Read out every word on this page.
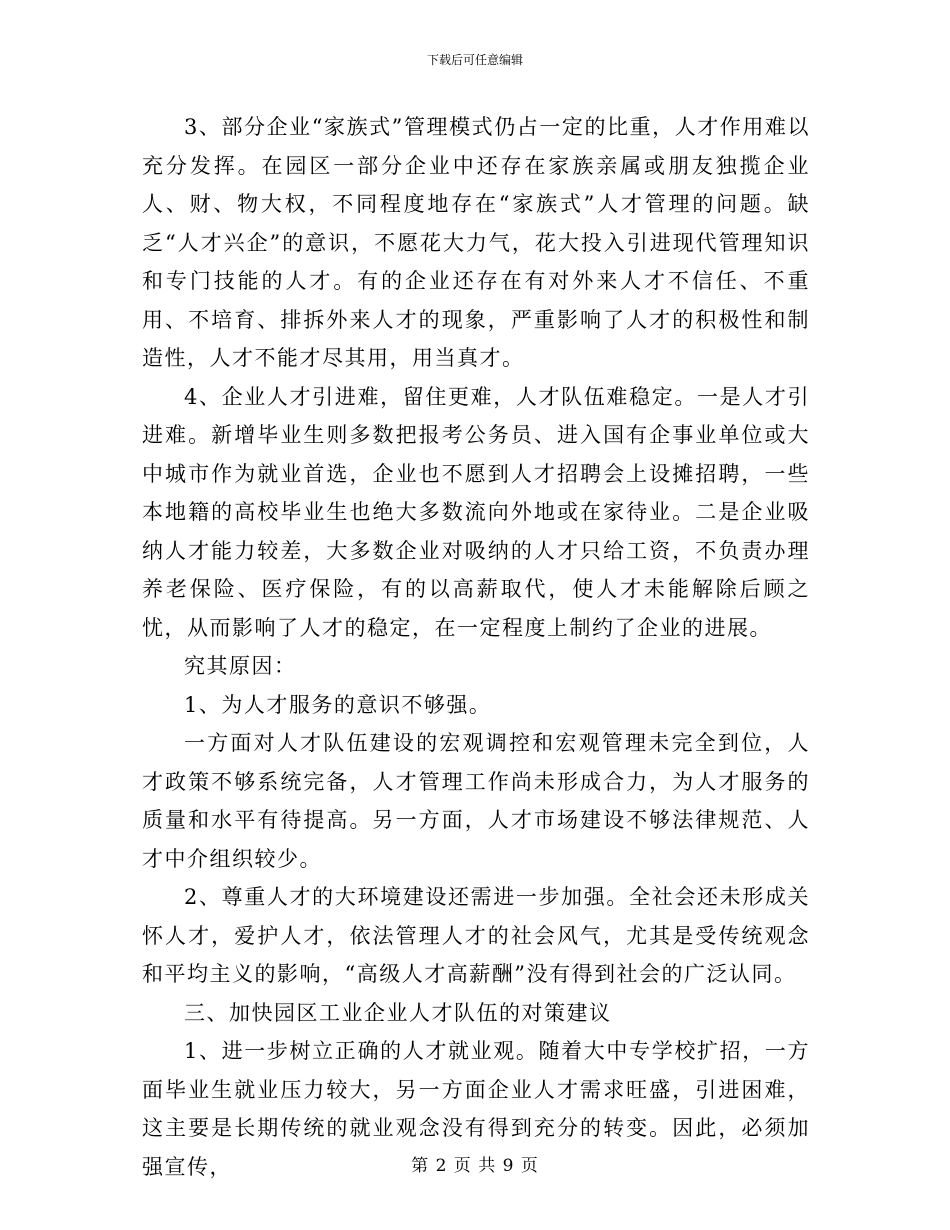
下载后可任意编辑

3、部分企业“家族式”管理模式仍占一定的比重，人才作用难以充分发挥。在园区一部分企业中还存在家族亲属或朋友独揽企业人、财、物大权，不同程度地存在“家族式”人才管理的问题。缺乏“人才兴企”的意识，不愿花大力气，花大投入引进现代管理知识和专门技能的人才。有的企业还存在有对外来人才不信任、不重用、不培育、排拆外来人才的现象，严重影响了人才的积极性和制造性，人才不能才尽其用，用当真才。

4、企业人才引进难，留住更难，人才队伍难稳定。一是人才引进难。新增毕业生则多数把报考公务员、进入国有企事业单位或大中城市作为就业首选，企业也不愿到人才招聘会上设摊招聘，一些本地籍的高校毕业生也绝大多数流向外地或在家待业。二是企业吸纳人才能力较差，大多数企业对吸纳的人才只给工资，不负责办理养老保险、医疗保险，有的以高薪取代，使人才未能解除后顾之忧，从而影响了人才的稳定，在一定程度上制约了企业的进展。

究其原因：

1、为人才服务的意识不够强。

一方面对人才队伍建设的宏观调控和宏观管理未完全到位，人才政策不够系统完备，人才管理工作尚未形成合力，为人才服务的质量和水平有待提高。另一方面，人才市场建设不够法律规范、人才中介组织较少。

2、尊重人才的大环境建设还需进一步加强。全社会还未形成关怀人才，爱护人才，依法管理人才的社会风气，尤其是受传统观念和平均主义的影响，“高级人才高薪酬”没有得到社会的广泛认同。

三、加快园区工业企业人才队伍的对策建议

1、进一步树立正确的人才就业观。随着大中专学校扩招，一方面毕业生就业压力较大，另一方面企业人才需求旺盛，引进困难，这主要是长期传统的就业观念没有得到充分的转变。因此，必须加强宣传，	第 2 页 共 9 页
